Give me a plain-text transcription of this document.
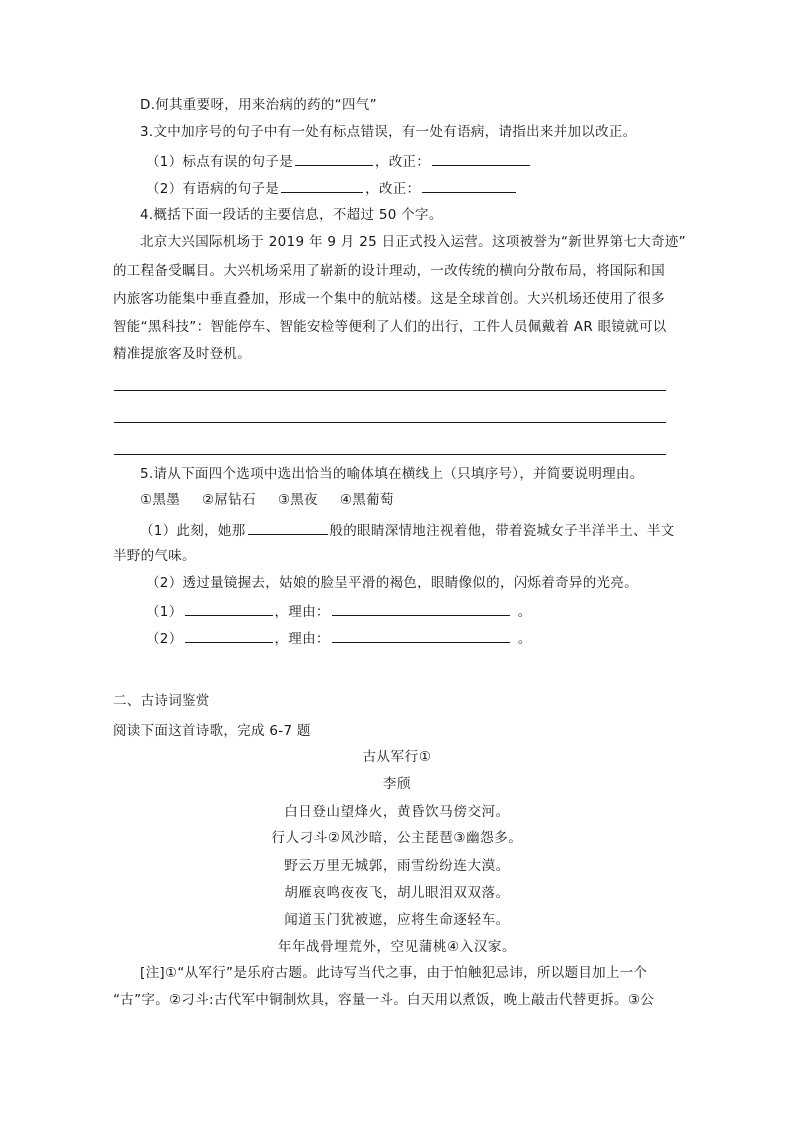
D.何其重要呀，用来治病的药的“四气”
3.文中加序号的句子中有一处有标点错误，有一处有语病，请指出来并加以改正。
（1）标点有误的句子是	，改正：
（2）有语病的句子是	，改正：
4.概括下面一段话的主要信息，不超过 50 个字。
北京大兴国际机场于 2019 年 9 月 25 日正式投入运营。这项被誉为“新世界第七大奇迹”
的工程备受瞩目。大兴机场采用了崭新的设计理动，一改传统的横向分散布局，将国际和国
内旅客功能集中垂直叠加，形成一个集中的航站楼。这是全球首创。大兴机场还使用了很多
智能“黑科技”：智能停车、智能安检等便利了人们的出行，工件人员佩戴着 AR 眼镜就可以
精准提旅客及时登机。
5.请从下面四个选项中选出恰当的喻体填在横线上（只填序号），并简要说明理由。
①黑墨 ②屌钻石 ③黑夜 ④黑葡萄
（1）此刻，她那	般的眼睛深情地注视着他，带着瓷城女子半洋半土、半文
半野的气味。
（2）透过量镜握去，姑娘的脸呈平滑的褐色，眼睛像似的，闪烁着奇异的光亮。
（1）	，理由：	。
（2）	，理由：	。
二、古诗词鉴赏
阅读下面这首诗歌，完成 6-7 题
古从军行①
李颀
白日登山望烽火，黄昏饮马傍交河。
行人刁斗②风沙暗，公主琵琶③幽怨多。
野云万里无城郭，雨雪纷纷连大漠。
胡雁哀鸣夜夜飞，胡儿眼泪双双落。
闻道玉门犹被遮，应将生命逐轻车。
年年战骨埋荒外，空见蒲桃④入汉家。
[注]①“从军行”是乐府古题。此诗写当代之事，由于怕触犯忌讳，所以题目加上一个
“古”字。②刁斗:古代军中铜制炊具，容量一斗。白天用以煮饭，晚上敲击代替更拆。③公
